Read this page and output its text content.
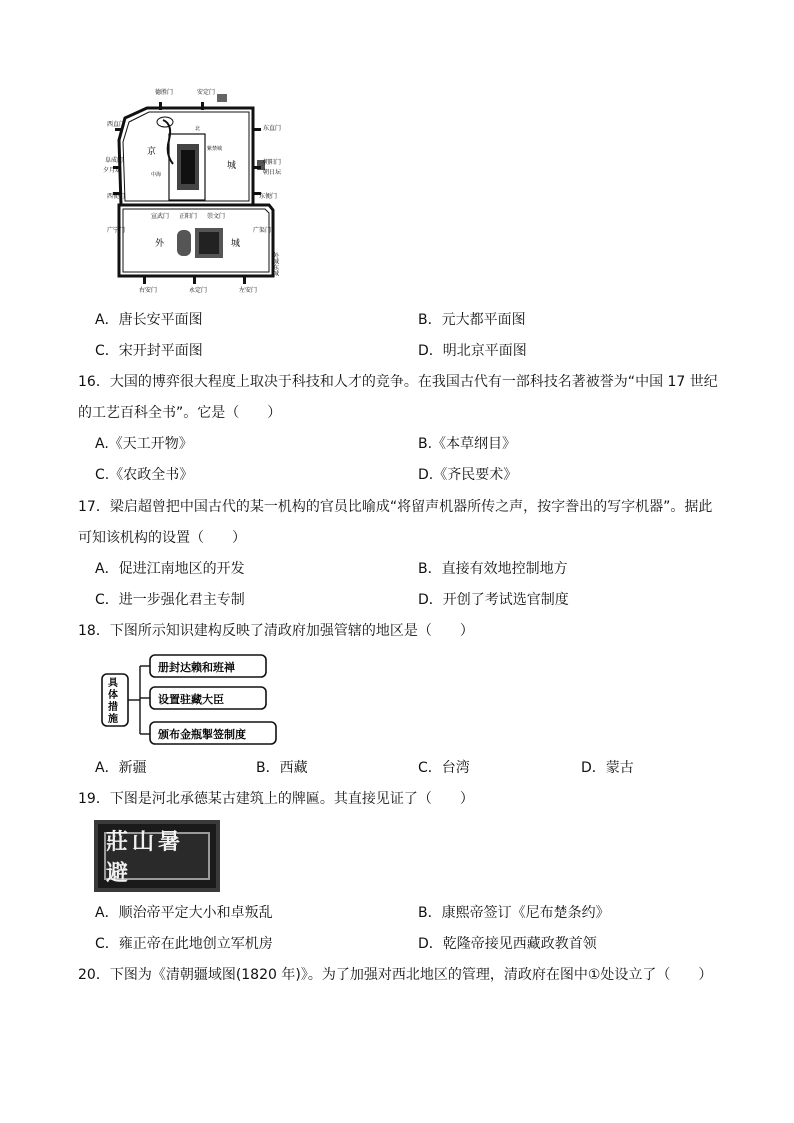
德胜门	安定门
西直门
东直门
阜成门	朝阳门
夕月坛	朝日坛
西便门	东便门
宣武门 正阳门 崇文门
广宁门	广渠门
京
城
外	城
右安门	永定门	左安门
外城东城
北
紫禁城
中海
A．唐长安平面图	B．元大都平面图
C．宋开封平面图	D．明北京平面图
16．大国的博弈很大程度上取决于科技和人才的竞争。在我国古代有一部科技名著被誉为“中国 17 世纪
的工艺百科全书”。它是（　　）
A.《天工开物》	B.《本草纲目》
C.《农政全书》	D.《齐民要术》
17．梁启超曾把中国古代的某一机构的官员比喻成“将留声机器所传之声，按字誊出的写字机器”。据此
可知该机构的设置（　　）
A．促进江南地区的开发	B．直接有效地控制地方
C．进一步强化君主专制	D．开创了考试选官制度
18．下图所示知识建构反映了清政府加强管辖的地区是（　　）
具
体
措
施
册封达赖和班禅
设置驻藏大臣
颁布金瓶掣签制度
A．新疆	B．西藏	C．台湾	D．蒙古
19．下图是河北承德某古建筑上的牌匾。其直接见证了（　　）
莊山暑避
A．顺治帝平定大小和卓叛乱	B．康熙帝签订《尼布楚条约》
C．雍正帝在此地创立军机房	D．乾隆帝接见西藏政教首领
20．下图为《清朝疆域图(1820 年)》。为了加强对西北地区的管理，清政府在图中①处设立了（　　）
